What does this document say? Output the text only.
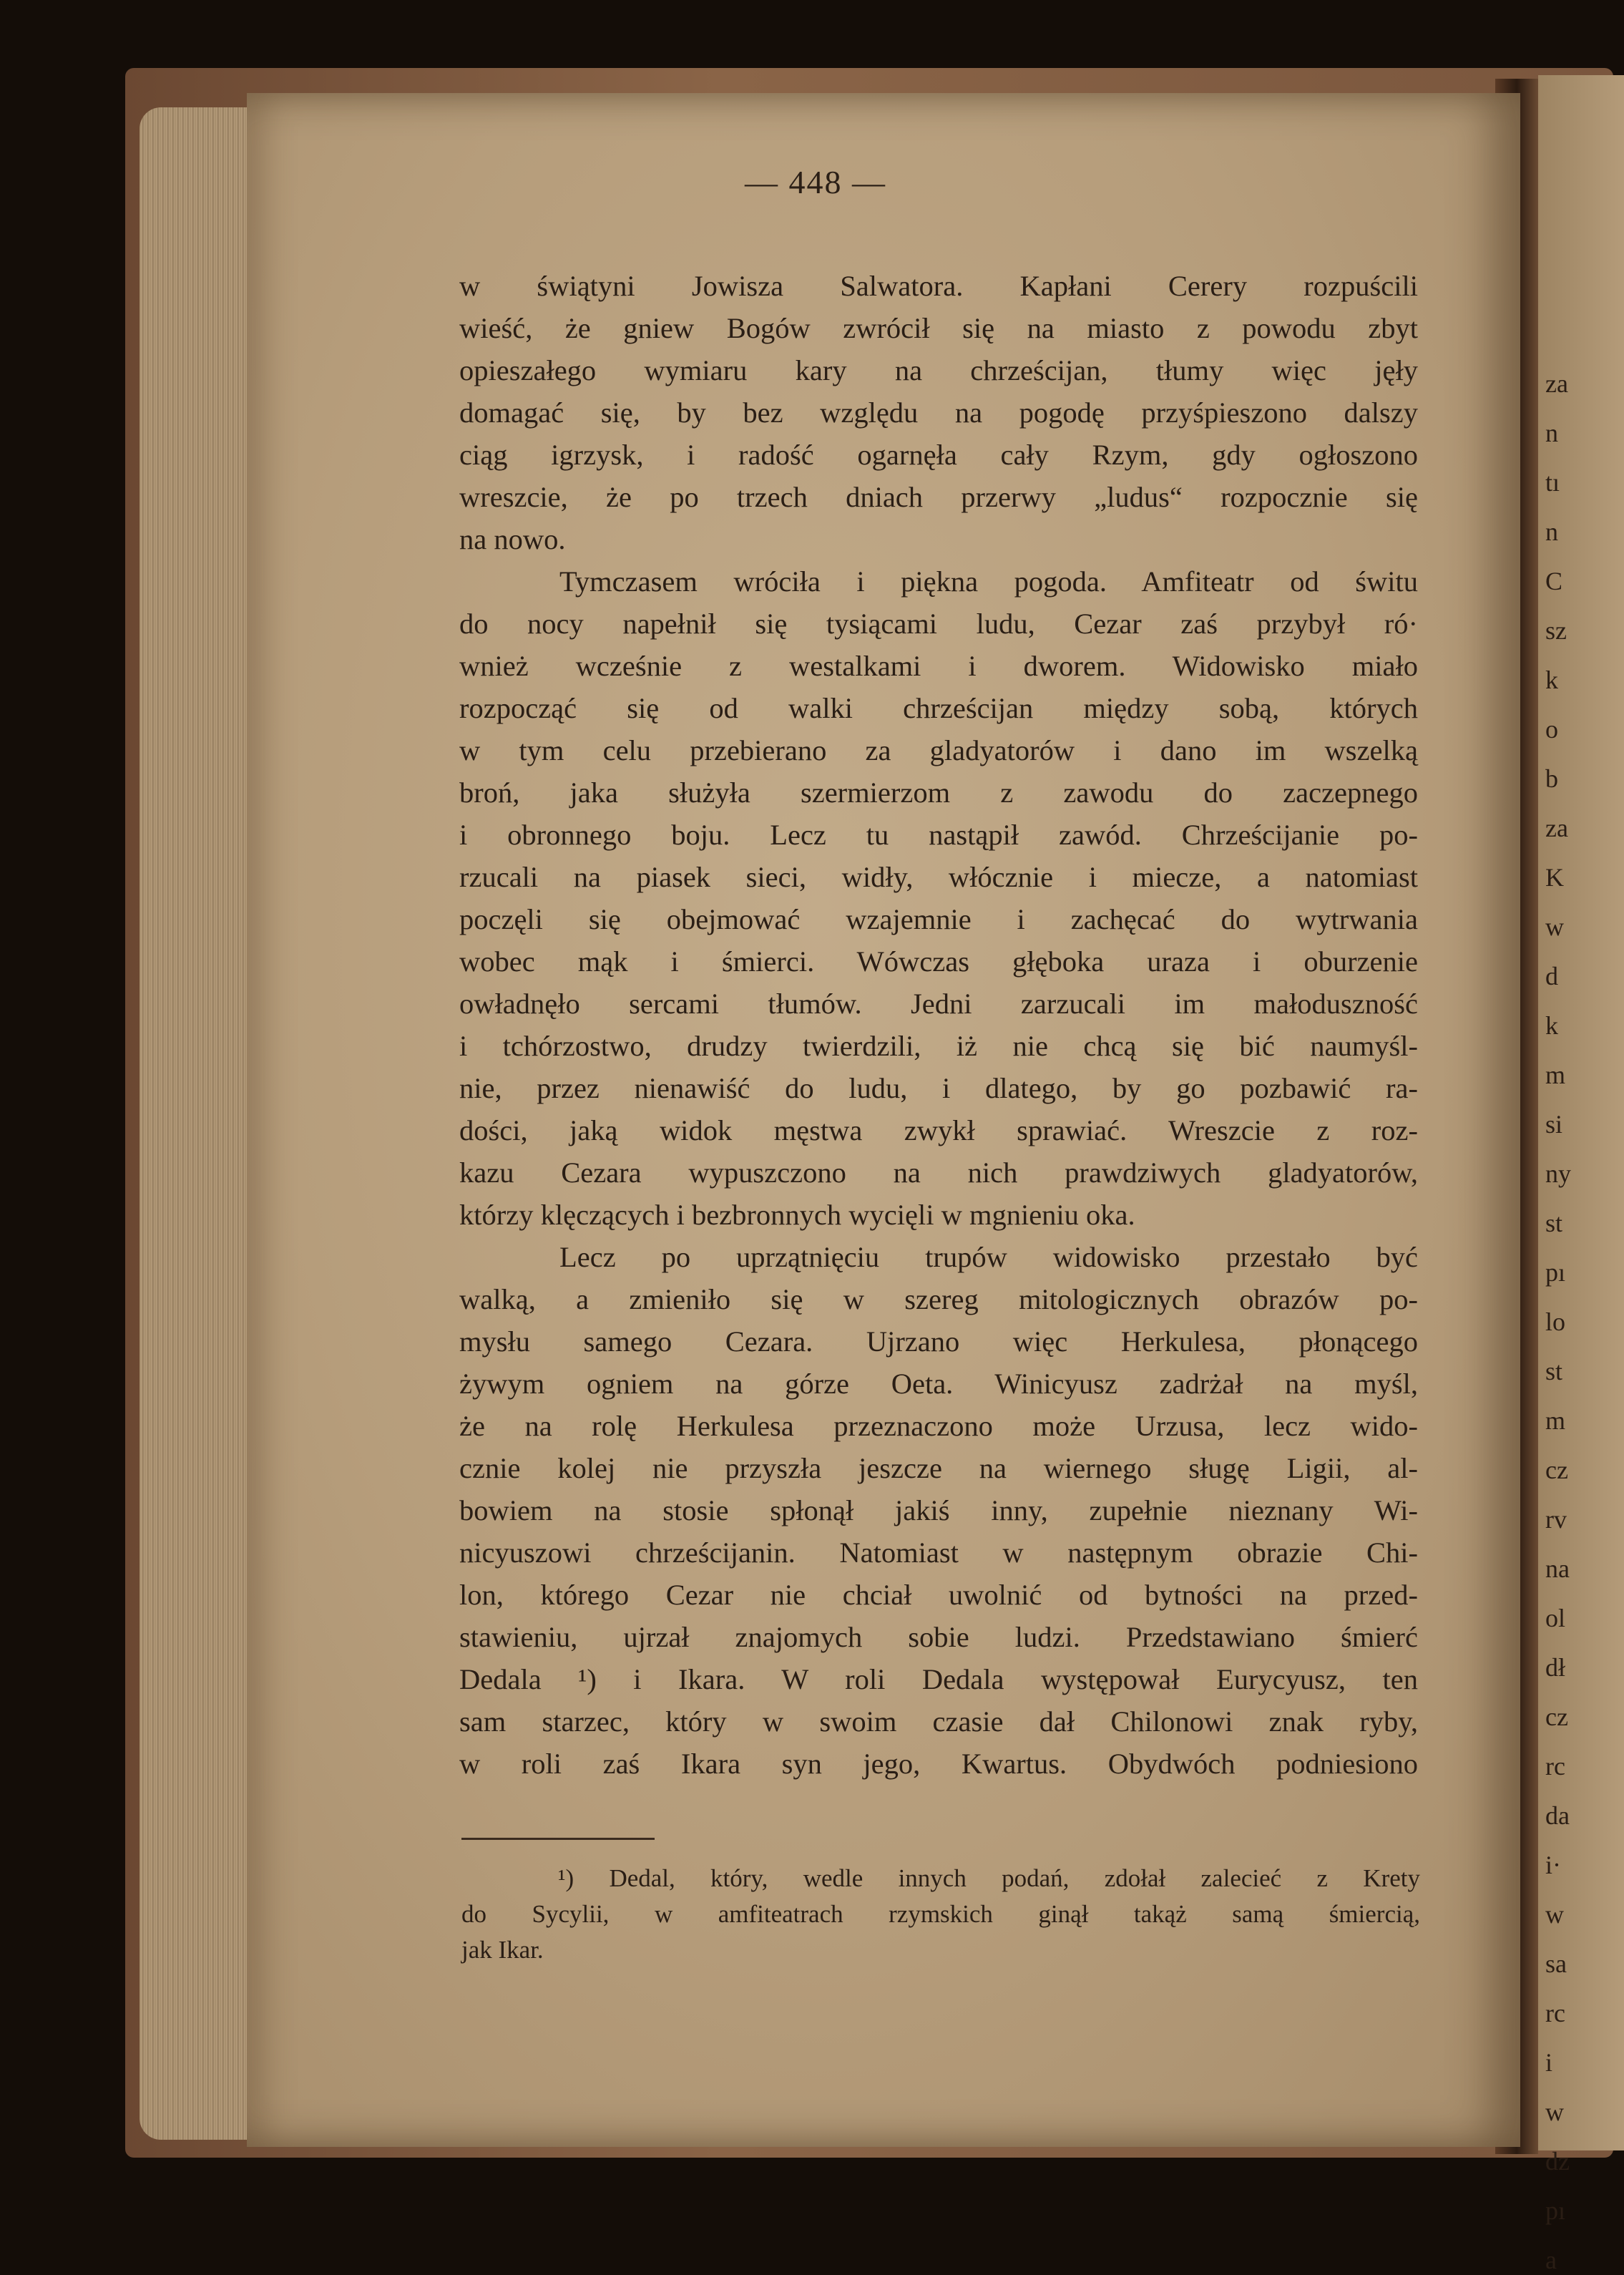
za
n
tı
n
C
sz
k
o
b
za
K
w
d
k
m
si
ny
st
pı
lo
st
m
cz
rv
na
ol
dł
cz
rc
da
i·
w
sa
rc
i
w
dz
pı
a
— 448 —
w świątyni Jowisza Salwatora. Kapłani Cerery rozpuścili
wieść, że gniew Bogów zwrócił się na miasto z powodu zbyt
opieszałego wymiaru kary na chrześcijan, tłumy więc jęły
domagać się, by bez względu na pogodę przyśpieszono dalszy
ciąg igrzysk, i radość ogarnęła cały Rzym, gdy ogłoszono
wreszcie, że po trzech dniach przerwy „ludus“ rozpocznie się
na nowo.
Tymczasem wróciła i piękna pogoda. Amfiteatr od świtu
do nocy napełnił się tysiącami ludu, Cezar zaś przybył ró·
wnież wcześnie z westalkami i dworem. Widowisko miało
rozpocząć się od walki chrześcijan między sobą, których
w tym celu przebierano za gladyatorów i dano im wszelką
broń, jaka służyła szermierzom z zawodu do zaczepnego
i obronnego boju. Lecz tu nastąpił zawód. Chrześcijanie po-
rzucali na piasek sieci, widły, włócznie i miecze, a natomiast
poczęli się obejmować wzajemnie i zachęcać do wytrwania
wobec mąk i śmierci. Wówczas głęboka uraza i oburzenie
owładnęło sercami tłumów. Jedni zarzucali im małoduszność
i tchórzostwo, drudzy twierdzili, iż nie chcą się bić naumyśl-
nie, przez nienawiść do ludu, i dlatego, by go pozbawić ra-
dości, jaką widok męstwa zwykł sprawiać. Wreszcie z roz-
kazu Cezara wypuszczono na nich prawdziwych gladyatorów,
którzy klęczących i bezbronnych wycięli w mgnieniu oka.
Lecz po uprzątnięciu trupów widowisko przestało być
walką, a zmieniło się w szereg mitologicznych obrazów po-
mysłu samego Cezara. Ujrzano więc Herkulesa, płonącego
żywym ogniem na górze Oeta. Winicyusz zadrżał na myśl,
że na rolę Herkulesa przeznaczono może Urzusa, lecz wido-
cznie kolej nie przyszła jeszcze na wiernego sługę Ligii, al-
bowiem na stosie spłonął jakiś inny, zupełnie nieznany Wi-
nicyuszowi chrześcijanin. Natomiast w następnym obrazie Chi-
lon, którego Cezar nie chciał uwolnić od bytności na przed-
stawieniu, ujrzał znajomych sobie ludzi. Przedstawiano śmierć
Dedala ¹) i Ikara. W roli Dedala występował Eurycyusz, ten
sam starzec, który w swoim czasie dał Chilonowi znak ryby,
w roli zaś Ikara syn jego, Kwartus. Obydwóch podniesiono
¹) Dedal, który, wedle innych podań, zdołał zalecieć z Krety
do Sycylii, w amfiteatrach rzymskich ginął takąż samą śmiercią,
jak Ikar.
